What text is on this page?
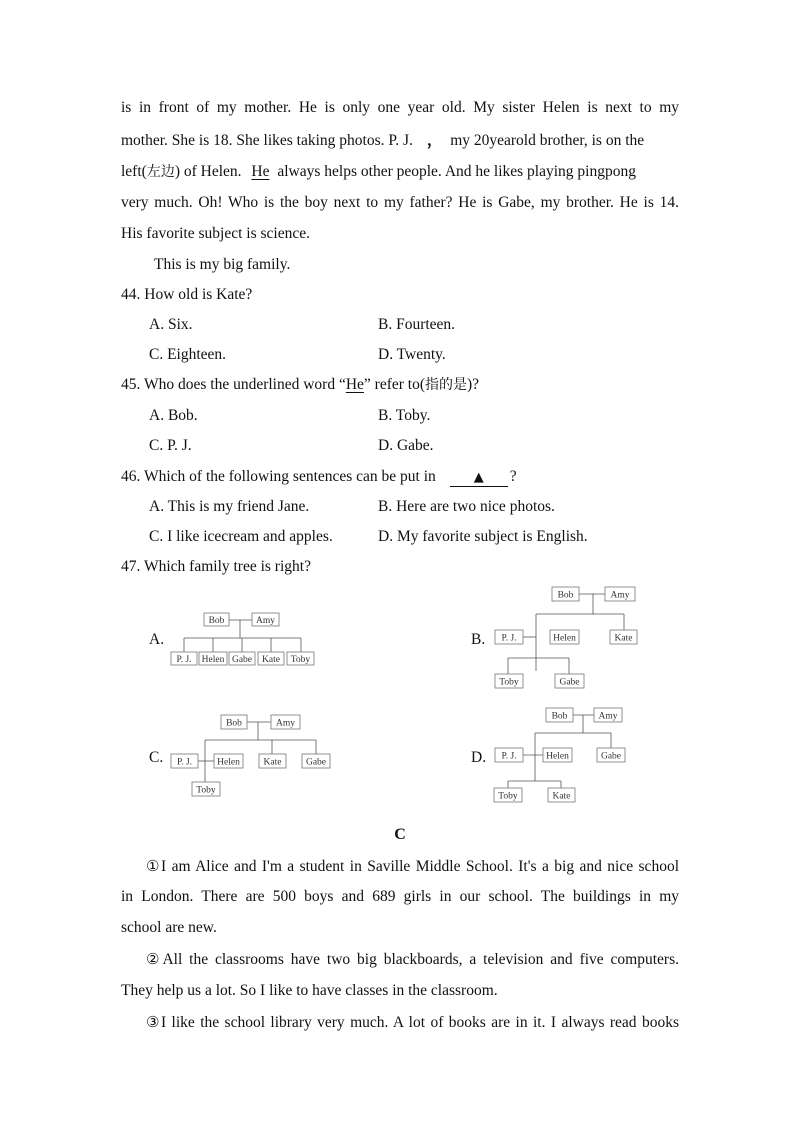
is in front of my mother. He is only one year old. My sister Helen is next to my
mother. She is 18. She likes taking photos. P. J. ， my 20yearold brother, is on the
left(左边) of Helen. He always helps other people. And he likes playing pingpong
very much. Oh! Who is the boy next to my father? He is Gabe, my brother. He is 14.
His favorite subject is science.
This is my big family.
44. How old is Kate?
A. Six.	B. Fourteen.
C. Eighteen.	D. Twenty.
45. Who does the underlined word “He” refer to(指的是)?
A. Bob.	B. Toby.
C. P. J.	D. Gabe.
46. Which of the following sentences can be put in	▲ ?
A. This is my friend Jane.	B. Here are two nice photos.
C. I like icecream and apples.	D. My favorite subject is English.
47. Which family tree is right?
A.
Bob	Amy
P. J. Helen Gabe Kate Toby
B.
Bob	Amy
P. J.	Helen	Kate
Toby	Gabe
C.
Bob	Amy
P. J.	Helen Kate	Gabe
Toby
D.
Bob	Amy
P. J.	Helen	Gabe
Toby	Kate
C
①I am Alice and I'm a student in Saville Middle School. It's a big and nice school
in London. There are 500 boys and 689 girls in our school. The buildings in my
school are new.
②All the classrooms have two big blackboards, a television and five computers.
They help us a lot. So I like to have classes in the classroom.
③I like the school library very much. A lot of books are in it. I always read books
